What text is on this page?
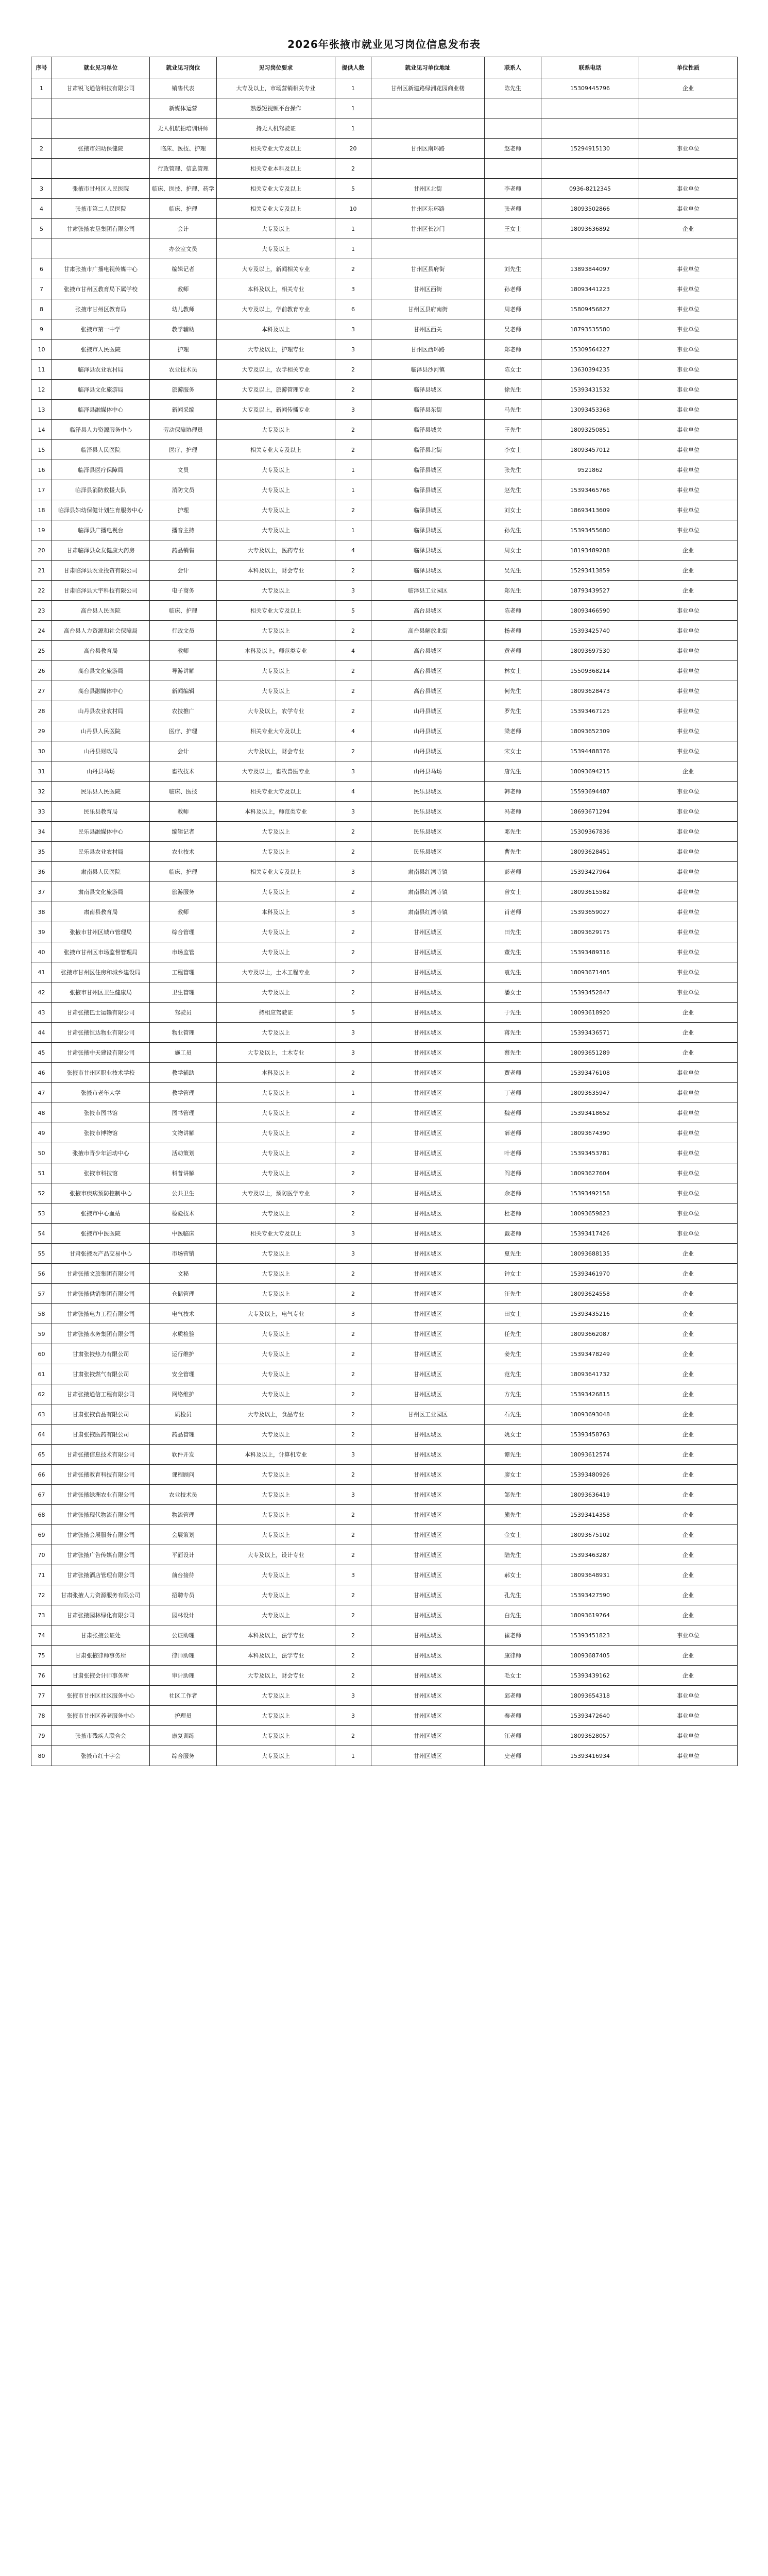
2026年张掖市就业见习岗位信息发布表
序号	就业见习单位	就业见习岗位	见习岗位要求	提供人数	就业见习单位地址	联系人	联系电话	单位性质
1	甘肃锐飞通信科技有限公司	销售代表	大专及以上，市场营销相关专业	1	甘州区新建路绿洲花园商业楼	陈先生	15309445796	企业
		新媒体运营	熟悉短视频平台操作	1				
		无人机航拍培训讲师	持无人机驾驶证	1				
2	张掖市妇幼保健院	临床、医技、护理	相关专业大专及以上	20	甘州区南环路	赵老师	15294915130	事业单位
		行政管理、信息管理	相关专业本科及以上	2				
3	张掖市甘州区人民医院	临床、医技、护理、药学	相关专业大专及以上	5	甘州区北街	李老师	0936-8212345	事业单位
4	张掖市第二人民医院	临床、护理	相关专业大专及以上	10	甘州区东环路	张老师	18093502866	事业单位
5	甘肃张掖农垦集团有限公司	会计	大专及以上	1	甘州区长沙门	王女士	18093636892	企业
		办公室文员	大专及以上	1				
6	甘肃张掖市广播电视传媒中心	编辑记者	大专及以上，新闻相关专业	2	甘州区县府街	刘先生	13893844097	事业单位
7	张掖市甘州区教育局下属学校	教师	本科及以上，相关专业	3	甘州区西街	孙老师	18093441223	事业单位
8	张掖市甘州区教育局	幼儿教师	大专及以上，学前教育专业	6	甘州区县府南街	周老师	15809456827	事业单位
9	张掖市第一中学	教学辅助	本科及以上	3	甘州区西关	吴老师	18793535580	事业单位
10	张掖市人民医院	护理	大专及以上，护理专业	3	甘州区西环路	郑老师	15309564227	事业单位
11	临泽县农业农村局	农业技术员	大专及以上，农学相关专业	2	临泽县沙河镇	陈女士	13630394235	事业单位
12	临泽县文化旅游局	旅游服务	大专及以上，旅游管理专业	2	临泽县城区	徐先生	15393431532	事业单位
13	临泽县融媒体中心	新闻采编	大专及以上，新闻传播专业	3	临泽县东街	马先生	13093453368	事业单位
14	临泽县人力资源服务中心	劳动保障协理员	大专及以上	2	临泽县城关	王先生	18093250851	事业单位
15	临泽县人民医院	医疗、护理	相关专业大专及以上	2	临泽县北街	李女士	18093457012	事业单位
16	临泽县医疗保障局	文员	大专及以上	1	临泽县城区	张先生	9521862	事业单位
17	临泽县消防救援大队	消防文员	大专及以上	1	临泽县城区	赵先生	15393465766	事业单位
18	临泽县妇幼保健计划生育服务中心	护理	大专及以上	2	临泽县城区	刘女士	18693413609	事业单位
19	临泽县广播电视台	播音主持	大专及以上	1	临泽县城区	孙先生	15393455680	事业单位
20	甘肃临泽县众友健康大药房	药品销售	大专及以上，医药专业	4	临泽县城区	周女士	18193489288	企业
21	甘肃临泽县农业投资有限公司	会计	本科及以上，财会专业	2	临泽县城区	吴先生	15293413859	企业
22	甘肃临泽县大宇科技有限公司	电子商务	大专及以上	3	临泽县工业园区	郑先生	18793439527	企业
23	高台县人民医院	临床、护理	相关专业大专及以上	5	高台县城区	陈老师	18093466590	事业单位
24	高台县人力资源和社会保障局	行政文员	大专及以上	2	高台县解放北街	杨老师	15393425740	事业单位
25	高台县教育局	教师	本科及以上，师范类专业	4	高台县城区	黄老师	18093697530	事业单位
26	高台县文化旅游局	导游讲解	大专及以上	2	高台县城区	林女士	15509368214	事业单位
27	高台县融媒体中心	新闻编辑	大专及以上	2	高台县城区	何先生	18093628473	事业单位
28	山丹县农业农村局	农技推广	大专及以上，农学专业	2	山丹县城区	罗先生	15393467125	事业单位
29	山丹县人民医院	医疗、护理	相关专业大专及以上	4	山丹县城区	梁老师	18093652309	事业单位
30	山丹县财政局	会计	大专及以上，财会专业	2	山丹县城区	宋女士	15394488376	事业单位
31	山丹县马场	畜牧技术	大专及以上，畜牧兽医专业	3	山丹县马场	唐先生	18093694215	企业
32	民乐县人民医院	临床、医技	相关专业大专及以上	4	民乐县城区	韩老师	15593694487	事业单位
33	民乐县教育局	教师	本科及以上，师范类专业	3	民乐县城区	冯老师	18693671294	事业单位
34	民乐县融媒体中心	编辑记者	大专及以上	2	民乐县城区	邓先生	15309367836	事业单位
35	民乐县农业农村局	农业技术	大专及以上	2	民乐县城区	曹先生	18093628451	事业单位
36	肃南县人民医院	临床、护理	相关专业大专及以上	3	肃南县红湾寺镇	彭老师	15393427964	事业单位
37	肃南县文化旅游局	旅游服务	大专及以上	2	肃南县红湾寺镇	曾女士	18093615582	事业单位
38	肃南县教育局	教师	本科及以上	3	肃南县红湾寺镇	肖老师	15393659027	事业单位
39	张掖市甘州区城市管理局	综合管理	大专及以上	2	甘州区城区	田先生	18093629175	事业单位
40	张掖市甘州区市场监督管理局	市场监管	大专及以上	2	甘州区城区	董先生	15393489316	事业单位
41	张掖市甘州区住房和城乡建设局	工程管理	大专及以上，土木工程专业	2	甘州区城区	袁先生	18093671405	事业单位
42	张掖市甘州区卫生健康局	卫生管理	大专及以上	2	甘州区城区	潘女士	15393452847	事业单位
43	甘肃张掖巴士运输有限公司	驾驶员	持相应驾驶证	5	甘州区城区	于先生	18093618920	企业
44	甘肃张掖恒达物业有限公司	物业管理	大专及以上	3	甘州区城区	蒋先生	15393436571	企业
45	甘肃张掖中天建设有限公司	施工员	大专及以上，土木专业	3	甘州区城区	蔡先生	18093651289	企业
46	张掖市甘州区职业技术学校	教学辅助	本科及以上	2	甘州区城区	贾老师	15393476108	事业单位
47	张掖市老年大学	教学管理	大专及以上	1	甘州区城区	丁老师	18093635947	事业单位
48	张掖市图书馆	图书管理	大专及以上	2	甘州区城区	魏老师	15393418652	事业单位
49	张掖市博物馆	文物讲解	大专及以上	2	甘州区城区	薛老师	18093674390	事业单位
50	张掖市青少年活动中心	活动策划	大专及以上	2	甘州区城区	叶老师	15393453781	事业单位
51	张掖市科技馆	科普讲解	大专及以上	2	甘州区城区	阎老师	18093627604	事业单位
52	张掖市疾病预防控制中心	公共卫生	大专及以上，预防医学专业	2	甘州区城区	余老师	15393492158	事业单位
53	张掖市中心血站	检验技术	大专及以上	2	甘州区城区	杜老师	18093659823	事业单位
54	张掖市中医医院	中医临床	相关专业大专及以上	3	甘州区城区	戴老师	15393417426	事业单位
55	甘肃张掖农产品交易中心	市场营销	大专及以上	3	甘州区城区	夏先生	18093688135	企业
56	甘肃张掖文旅集团有限公司	文秘	大专及以上	2	甘州区城区	钟女士	15393461970	企业
57	甘肃张掖供销集团有限公司	仓储管理	大专及以上	2	甘州区城区	汪先生	18093624558	企业
58	甘肃张掖电力工程有限公司	电气技术	大专及以上，电气专业	3	甘州区城区	田女士	15393435216	企业
59	甘肃张掖水务集团有限公司	水质检验	大专及以上	2	甘州区城区	任先生	18093662087	企业
60	甘肃张掖热力有限公司	运行维护	大专及以上	2	甘州区城区	姜先生	15393478249	企业
61	甘肃张掖燃气有限公司	安全管理	大专及以上	2	甘州区城区	范先生	18093641732	企业
62	甘肃张掖通信工程有限公司	网络维护	大专及以上	2	甘州区城区	方先生	15393426815	企业
63	甘肃张掖食品有限公司	质检员	大专及以上，食品专业	2	甘州区工业园区	石先生	18093693048	企业
64	甘肃张掖医药有限公司	药品管理	大专及以上	2	甘州区城区	姚女士	15393458763	企业
65	甘肃张掖信息技术有限公司	软件开发	本科及以上，计算机专业	3	甘州区城区	谭先生	18093612574	企业
66	甘肃张掖教育科技有限公司	课程顾问	大专及以上	2	甘州区城区	廖女士	15393480926	企业
67	甘肃张掖绿洲农业有限公司	农业技术员	大专及以上	3	甘州区城区	邹先生	18093636419	企业
68	甘肃张掖现代物流有限公司	物流管理	大专及以上	2	甘州区城区	熊先生	15393414358	企业
69	甘肃张掖会展服务有限公司	会展策划	大专及以上	2	甘州区城区	金女士	18093675102	企业
70	甘肃张掖广告传媒有限公司	平面设计	大专及以上，设计专业	2	甘州区城区	陆先生	15393463287	企业
71	甘肃张掖酒店管理有限公司	前台接待	大专及以上	3	甘州区城区	郝女士	18093648931	企业
72	甘肃张掖人力资源服务有限公司	招聘专员	大专及以上	2	甘州区城区	孔先生	15393427590	企业
73	甘肃张掖园林绿化有限公司	园林设计	大专及以上	2	甘州区城区	白先生	18093619764	企业
74	甘肃张掖公证处	公证助理	本科及以上，法学专业	2	甘州区城区	崔老师	15393451823	事业单位
75	甘肃张掖律师事务所	律师助理	本科及以上，法学专业	2	甘州区城区	康律师	18093687405	企业
76	甘肃张掖会计师事务所	审计助理	大专及以上，财会专业	2	甘州区城区	毛女士	15393439162	企业
77	张掖市甘州区社区服务中心	社区工作者	大专及以上	3	甘州区城区	邱老师	18093654318	事业单位
78	张掖市甘州区养老服务中心	护理员	大专及以上	3	甘州区城区	秦老师	15393472640	事业单位
79	张掖市残疾人联合会	康复训练	大专及以上	2	甘州区城区	江老师	18093628057	事业单位
80	张掖市红十字会	综合服务	大专及以上	1	甘州区城区	史老师	15393416934	事业单位
